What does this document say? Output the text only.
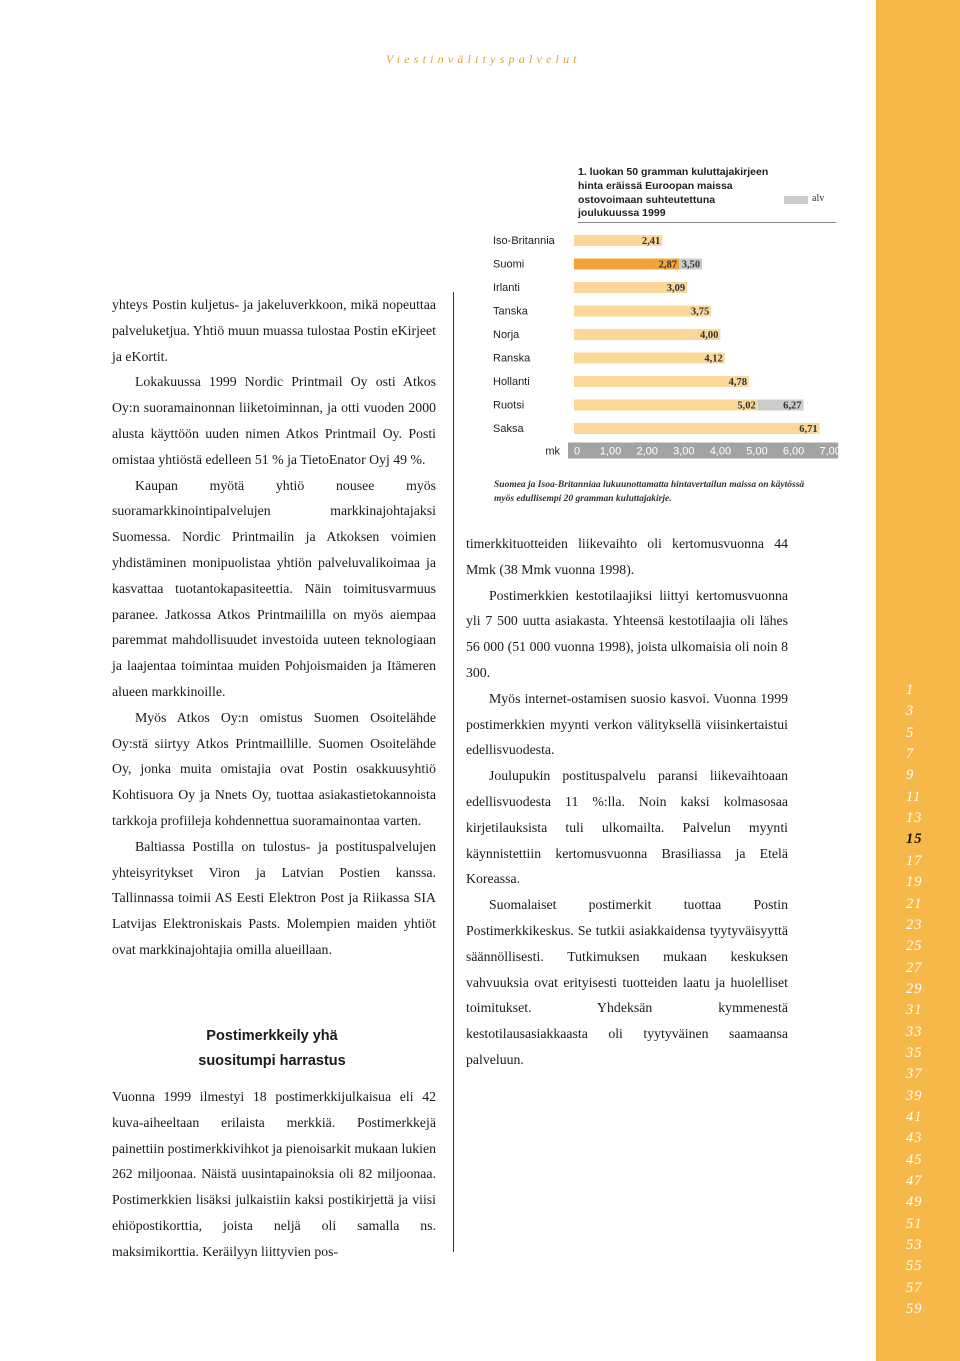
Viestinvälityspalvelut
1
3
5
7
9
11
13
15
17
19
21
23
25
27
29
31
33
35
37
39
41
43
45
47
49
51
53
55
57
59

yhteys Postin kuljetus- ja jakeluverkkoon, mikä nopeuttaa palveluketjua. Yhtiö muun muassa tulostaa Postin eKirjeet ja eKortit.

Lokakuussa 1999 Nordic Printmail Oy osti Atkos Oy:n suoramainonnan liiketoiminnan, ja otti vuoden 2000 alusta käyttöön uuden nimen Atkos Printmail Oy. Posti omistaa yhtiöstä edelleen 51 % ja TietoEnator Oyj 49 %.

Kaupan myötä yhtiö nousee myös suoramarkkinointipalvelujen markkinajohtajaksi Suomessa. Nordic Printmailin ja Atkoksen voimien yhdistäminen monipuolistaa yhtiön palveluvalikoimaa ja kasvattaa tuotantokapasiteettia. Näin toimitusvarmuus paranee. Jatkossa Atkos Printmaililla on myös aiempaa paremmat mahdollisuudet investoida uuteen teknologiaan ja laajentaa toimintaa muiden Pohjoismaiden ja Itämeren alueen markkinoille.

Myös Atkos Oy:n omistus Suomen Osoitelähde Oy:stä siirtyy Atkos Printmaillille. Suomen Osoitelähde Oy, jonka muita omistajia ovat Postin osakkuusyhtiö Kohtisuora Oy ja Nnets Oy, tuottaa asiakastietokannoista tarkkoja profiileja kohdennettua suoramainontaa varten.

Baltiassa Postilla on tulostus- ja postituspalvelujen yhteisyritykset Viron ja Latvian Postien kanssa. Tallinnassa toimii AS Eesti Elektron Post ja Riikassa SIA Latvijas Elektroniskais Pasts. Molempien maiden yhtiöt ovat markkinajohtajia omilla alueillaan.

Postimerkkeily yhä
suositumpi harrastus

Vuonna 1999 ilmestyi 18 postimerkkijulkaisua eli 42 kuva-aiheeltaan erilaista merkkiä. Postimerkkejä painettiin postimerkkivihkot ja pienoisarkit mukaan lukien 262 miljoonaa. Näistä uusintapainoksia oli 82 miljoonaa. Postimerkkien lisäksi julkaistiin kaksi postikirjettä ja viisi ehiöpostikorttia, joista neljä oli samalla ns. maksimikorttia. Keräilyyn liittyvien pos-

timerkkituotteiden liikevaihto oli kertomusvuonna 44 Mmk (38 Mmk vuonna 1998).

Postimerkkien kestotilaajiksi liittyi kertomusvuonna yli 7 500 uutta asiakasta. Yhteensä kestotilaajia oli lähes 56 000 (51 000 vuonna 1998), joista ulkomaisia oli noin 8 300.

Myös internet-ostamisen suosio kasvoi. Vuonna 1999 postimerkkien myynti verkon välityksellä viisinkertaistui edellisvuodesta.

Joulupukin postituspalvelu paransi liikevaihtoaan edellisvuodesta 11 %:lla. Noin kaksi kolmasosaa kirjetilauksista tuli ulkomailta. Palvelun myynti käynnistettiin kertomusvuonna Brasiliassa ja Etelä Koreassa.

Suomalaiset postimerkit tuottaa Postin Postimerkkikeskus. Se tutkii asiakkaidensa tyytyväisyyttä säännöllisesti. Tutkimuksen mukaan keskuksen vahvuuksia ovat erityisesti tuotteiden laatu ja huolelliset toimitukset. Yhdeksän kymmenestä kestotilausasiakkaasta oli tyytyväinen saamaansa palveluun.

1. luokan 50 gramman kuluttajakirjeen hinta eräissä Euroopan maissa ostovoimaan suhteutettuna joulukuussa 1999
alv
Iso-Britannia	2,41
Suomi	2,87 3,50
Irlanti	3,09
Tanska	3,75
Norja	4,00
Ranska	4,12
Hollanti	4,78
Ruotsi	5,02	6,27
Saksa	6,71
mk 0 1,00 2,00 3,00 4,00 5,00 6,00 7,00
Suomea ja Isoa-Britanniaa lukuunottamatta hintavertailun maissa on käytössä myös edullisempi 20 gramman kuluttajakirje.
